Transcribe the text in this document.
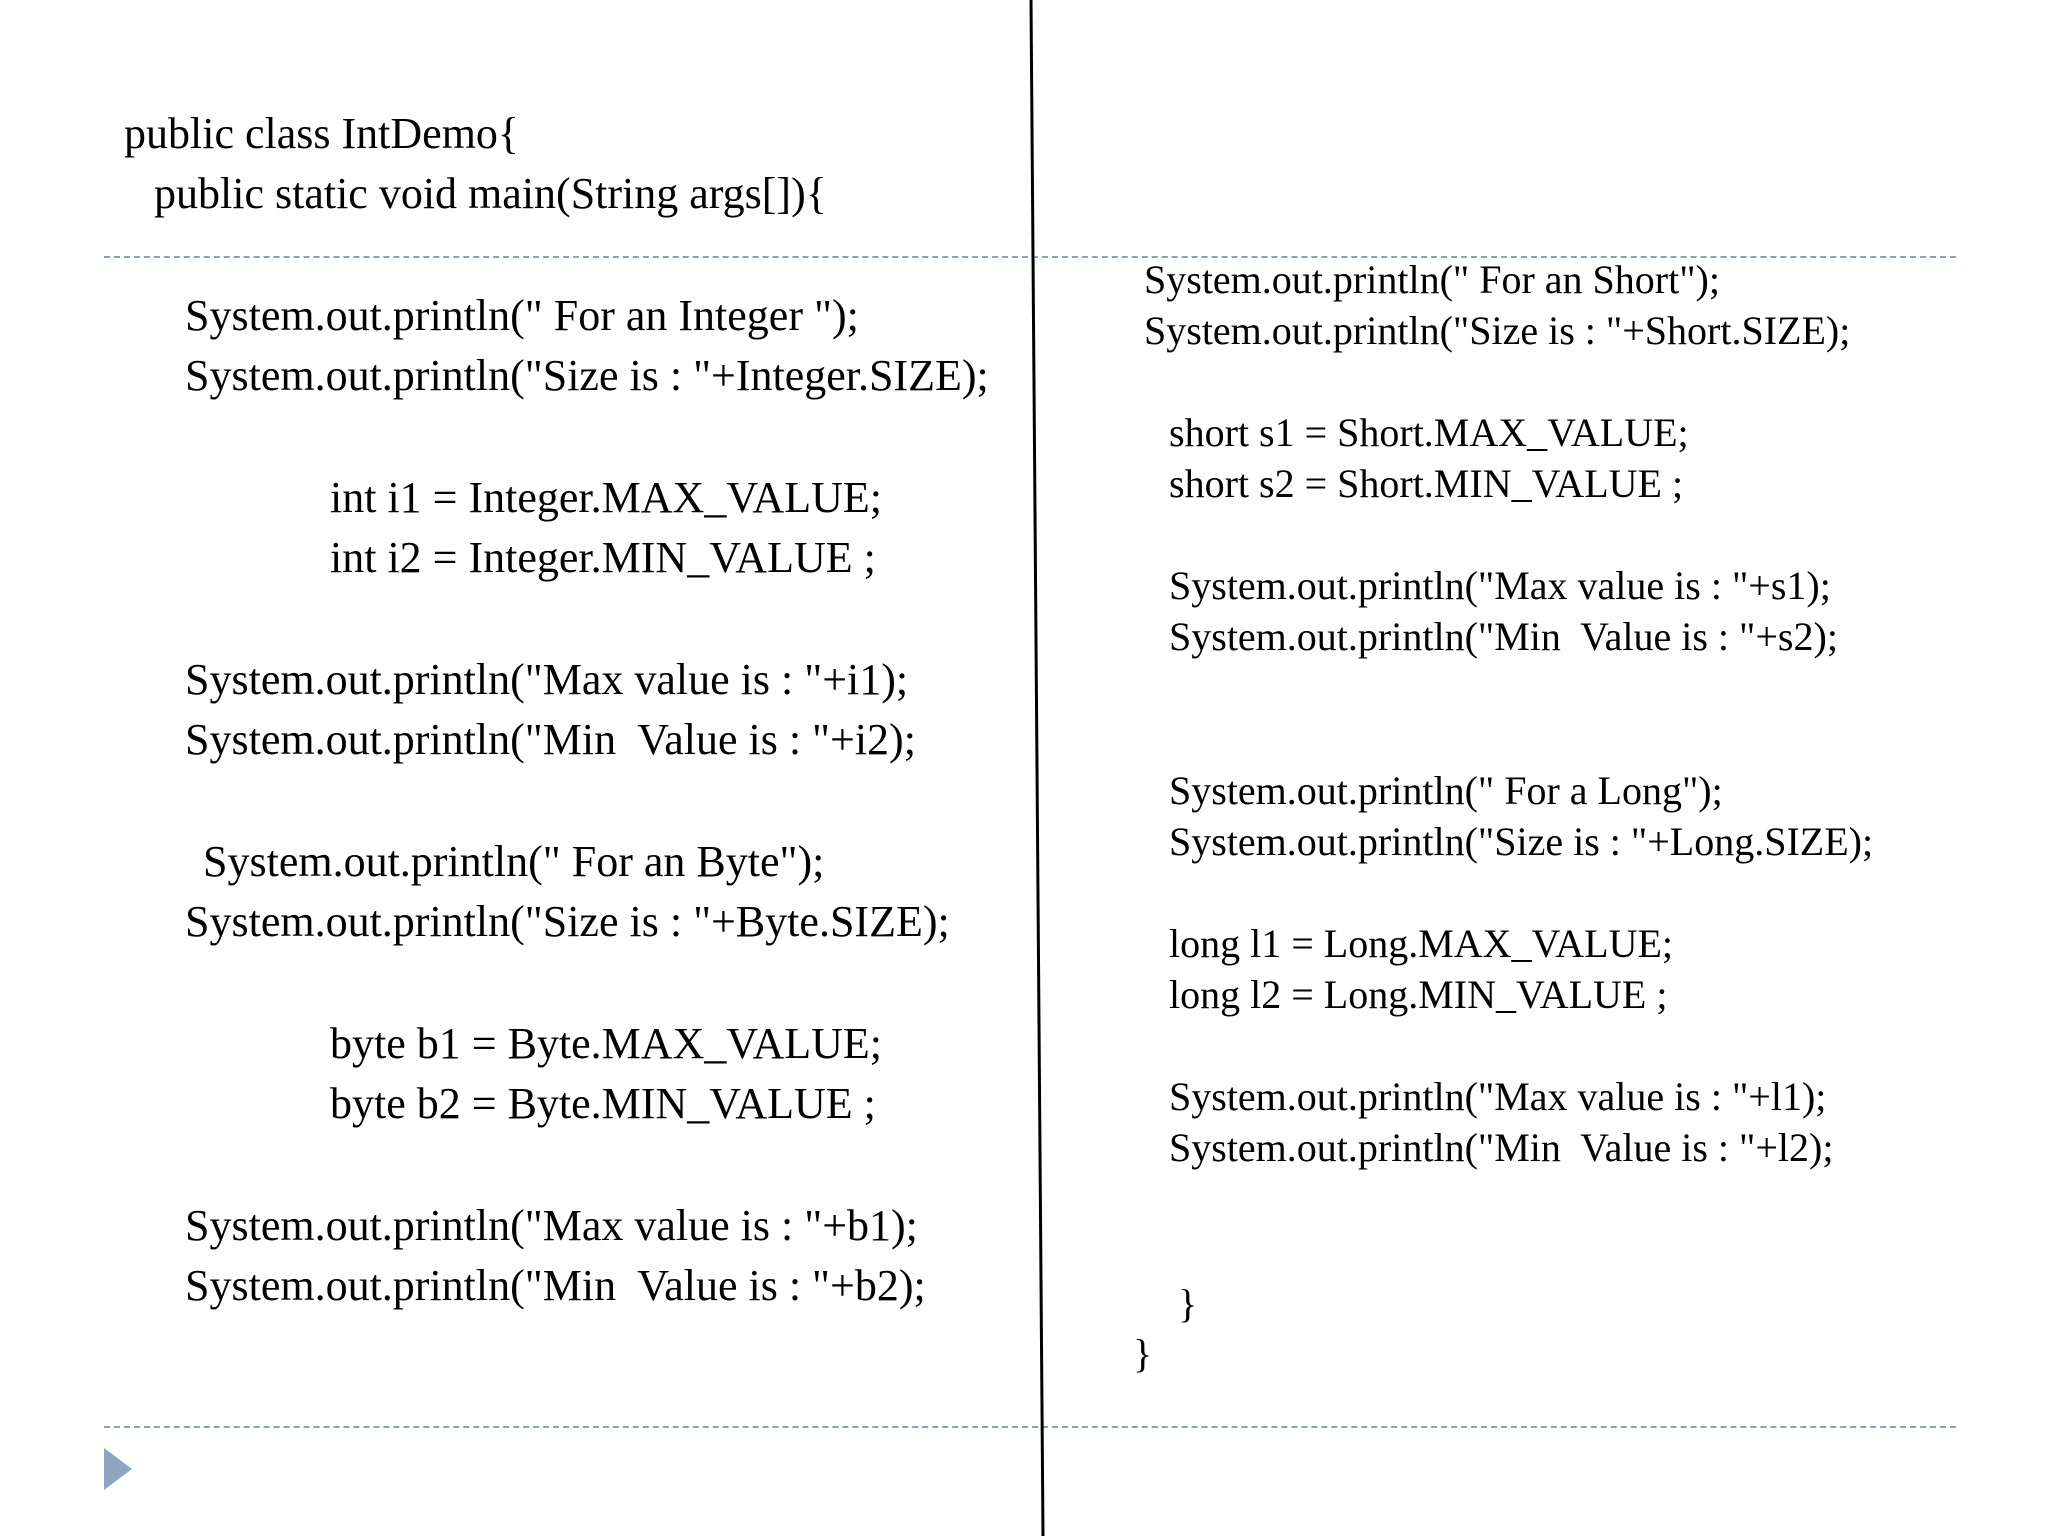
public class IntDemo{
public static void main(String args[]){
System.out.println(" For an Integer ");
System.out.println("Size is : "+Integer.SIZE);
int i1 = Integer.MAX_VALUE;
int i2 = Integer.MIN_VALUE ;
System.out.println("Max value is : "+i1);
System.out.println("Min  Value is : "+i2);
System.out.println(" For an Byte");
System.out.println("Size is : "+Byte.SIZE);
byte b1 = Byte.MAX_VALUE;
byte b2 = Byte.MIN_VALUE ;
System.out.println("Max value is : "+b1);
System.out.println("Min  Value is : "+b2);
System.out.println(" For an Short");
System.out.println("Size is : "+Short.SIZE);
short s1 = Short.MAX_VALUE;
short s2 = Short.MIN_VALUE ;
System.out.println("Max value is : "+s1);
System.out.println("Min  Value is : "+s2);
System.out.println(" For a Long");
System.out.println("Size is : "+Long.SIZE);
long l1 = Long.MAX_VALUE;
long l2 = Long.MIN_VALUE ;
System.out.println("Max value is : "+l1);
System.out.println("Min  Value is : "+l2);
}
}
